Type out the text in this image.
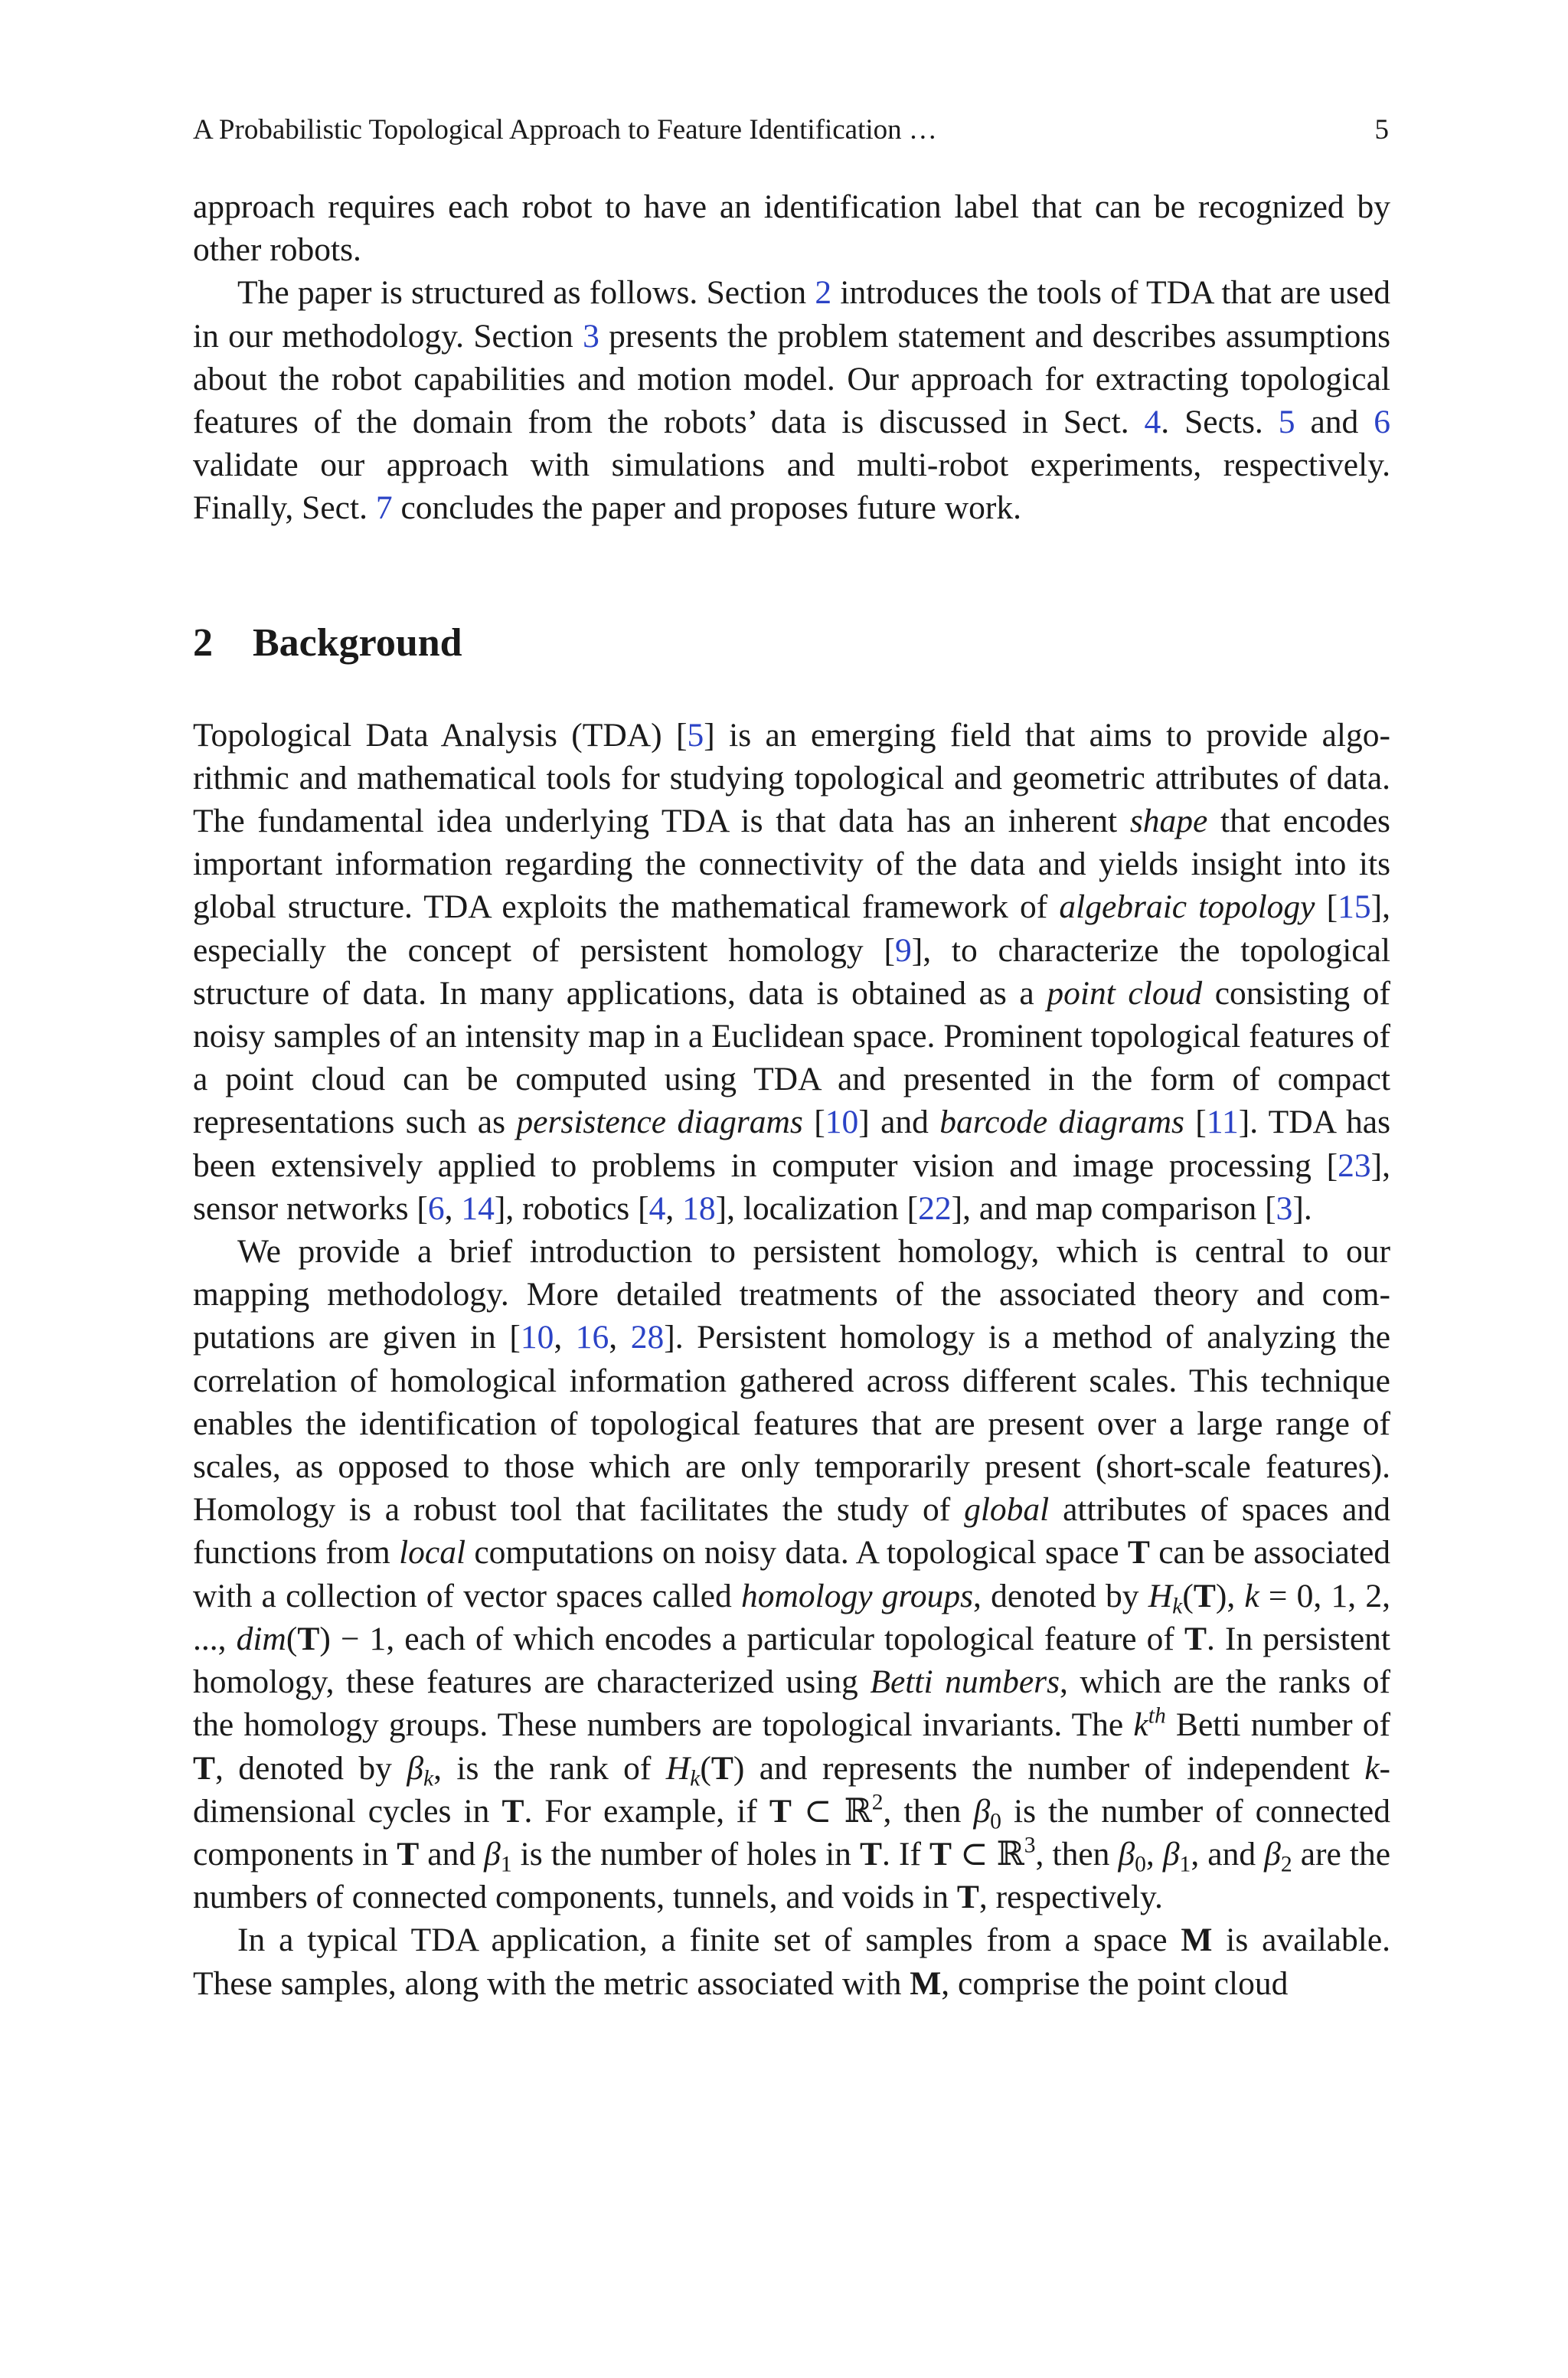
A Probabilistic Topological Approach to Feature Identification …	5

approach requires each robot to have an identification label that can be recognized by other robots.

The paper is structured as follows. Section 2 introduces the tools of TDA that are used in our methodology. Section 3 presents the problem statement and describes assumptions about the robot capabilities and motion model. Our approach for extracting topological features of the domain from the robots’ data is discussed in Sect. 4. Sects. 5 and 6 validate our approach with simulations and multi-robot experiments, respectively. Finally, Sect. 7 concludes the paper and proposes future work.

2 Background

Topological Data Analysis (TDA) [5] is an emerging field that aims to provide algorithmic and mathematical tools for studying topological and geometric attributes of data. The fundamental idea underlying TDA is that data has an inherent shape that encodes important information regarding the connectivity of the data and yields insight into its global structure. TDA exploits the mathematical framework of algebraic topology [15], especially the concept of persistent homology [9], to characterize the topological structure of data. In many applications, data is obtained as a point cloud consisting of noisy samples of an intensity map in a Euclidean space. Prominent topological features of a point cloud can be computed using TDA and presented in the form of compact representations such as persistence diagrams [10] and barcode diagrams [11]. TDA has been extensively applied to problems in computer vision and image processing [23], sensor networks [6, 14], robotics [4, 18], localization [22], and map comparison [3].

We provide a brief introduction to persistent homology, which is central to our mapping methodology. More detailed treatments of the associated theory and computations are given in [10, 16, 28]. Persistent homology is a method of analyzing the correlation of homological information gathered across different scales. This technique enables the identification of topological features that are present over a large range of scales, as opposed to those which are only temporarily present (short-scale features). Homology is a robust tool that facilitates the study of global attributes of spaces and functions from local computations on noisy data. A topological space T can be associated with a collection of vector spaces called homology groups, denoted by $H_k(T)$, k = 0, 1, 2, ..., dim(T) − 1, each of which encodes a particular topological feature of T. In persistent homology, these features are characterized using Betti numbers, which are the ranks of the homology groups. These numbers are topological invariants. The $k^{th}$ Betti number of T, denoted by $\beta_k$, is the rank of $H_k(T)$ and represents the number of independent k-dimensional cycles in T. For example, if T ⊂ ℝ$^2$, then $\beta_0$ is the number of connected components in T and $\beta_1$ is the number of holes in T. If T ⊂ ℝ$^3$, then $\beta_0$, $\beta_1$, and $\beta_2$ are the numbers of connected components, tunnels, and voids in T, respectively.

In a typical TDA application, a finite set of samples from a space M is available. These samples, along with the metric associated with M, comprise the point cloud
